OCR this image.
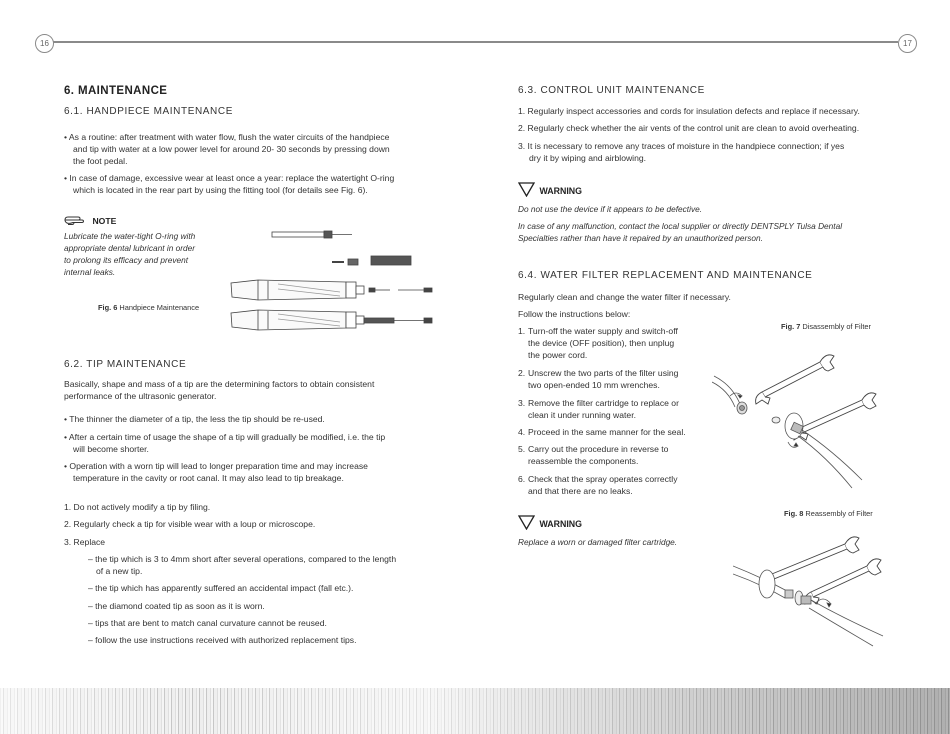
16	17
6. MAINTENANCE
6.1. HANDPIECE MAINTENANCE
• As a routine: after treatment with water flow, flush the water circuits of the handpiece
and tip with water at a low power level for around 20- 30 seconds by pressing down
the foot pedal.
• In case of damage, excessive wear at least once a year: replace the watertight O-ring
which is located in the rear part by using the fitting tool (for details see Fig. 6).
NOTE
Lubricate the water-tight O-ring with
appropriate dental lubricant in order
to prolong its efficacy and prevent
internal leaks.
Fig. 6 Handpiece Maintenance
6.2. TIP MAINTENANCE
Basically, shape and mass of a tip are the determining factors to obtain consistent
performance of the ultrasonic generator.
• The thinner the diameter of a tip, the less the tip should be re-used.
• After a certain time of usage the shape of a tip will gradually be modified, i.e. the tip
will become shorter.
• Operation with a worn tip will lead to longer preparation time and may increase
temperature in the cavity or root canal. It may also lead to tip breakage.
1. Do not actively modify a tip by filing.
2. Regularly check a tip for visible wear with a loup or microscope.
3. Replace
– the tip which is 3 to 4mm short after several operations, compared to the length
of a new tip.
– the tip which has apparently suffered an accidental impact (fall etc.).
– the diamond coated tip as soon as it is worn.
– tips that are bent to match canal curvature cannot be reused.
– follow the use instructions received with authorized replacement tips.
6.3. CONTROL UNIT MAINTENANCE
1. Regularly inspect accessories and cords for insulation defects and replace if necessary.
2. Regularly check whether the air vents of the control unit are clean to avoid overheating.
3. It is necessary to remove any traces of moisture in the handpiece connection; if yes
dry it by wiping and airblowing.
WARNING
Do not use the device if it appears to be defective.
In case of any malfunction, contact the local supplier or directly DENTSPLY Tulsa Dental
Specialties rather than have it repaired by an unauthorized person.
6.4. WATER FILTER REPLACEMENT AND MAINTENANCE
Regularly clean and change the water filter if necessary.
Follow the instructions below:
1. Turn-off the water supply and switch-off
the device (OFF position), then unplug
the power cord.
2. Unscrew the two parts of the filter using
two open-ended 10 mm wrenches.
3. Remove the filter cartridge to replace or
clean it under running water.
4. Proceed in the same manner for the seal.
5. Carry out the procedure in reverse to
reassemble the components.
6. Check that the spray operates correctly
and that there are no leaks.
Fig. 7 Disassembly of Filter
WARNING
Replace a worn or damaged filter cartridge.
Fig. 8 Reassembly of Filter
